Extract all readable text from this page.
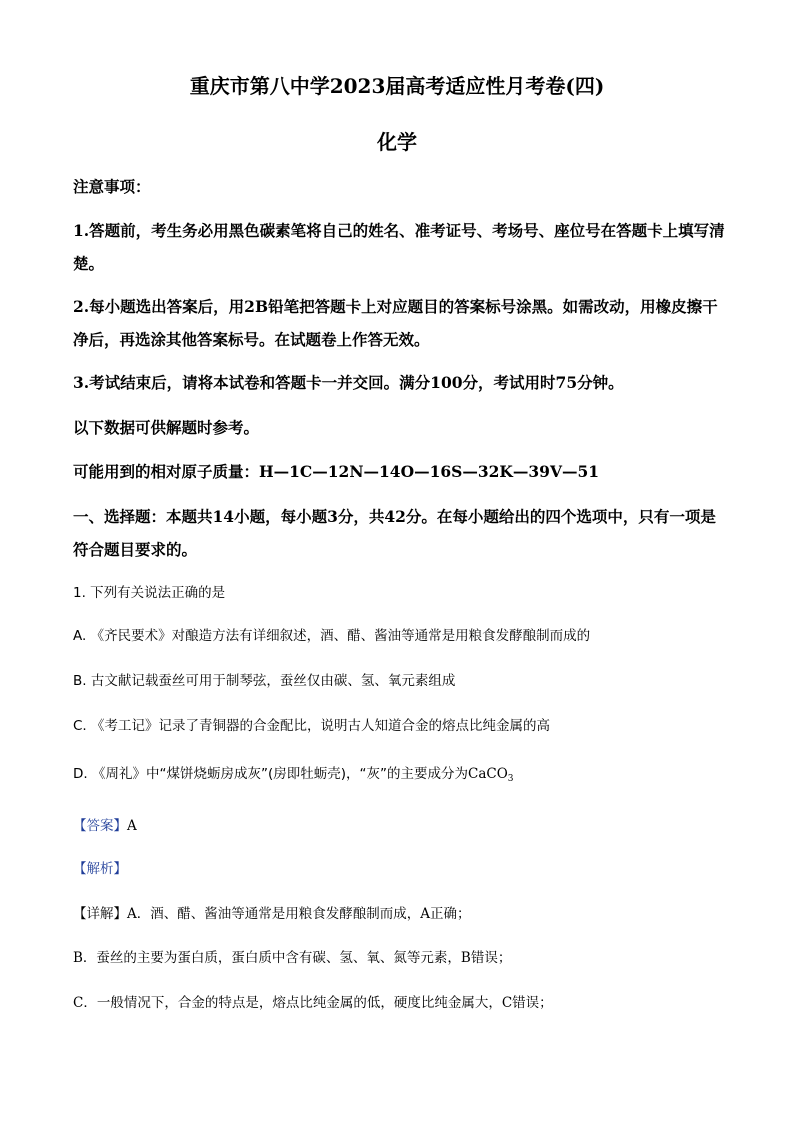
重庆市第八中学2023届高考适应性月考卷(四)
化学
注意事项：
1.答题前，考生务必用黑色碳素笔将自己的姓名、准考证号、考场号、座位号在答题卡上填写清楚。
2.每小题选出答案后，用2B铅笔把答题卡上对应题目的答案标号涂黑。如需改动，用橡皮擦干净后，再选涂其他答案标号。在试题卷上作答无效。
3.考试结束后，请将本试卷和答题卡一并交回。满分100分，考试用时75分钟。
以下数据可供解题时参考。
可能用到的相对原子质量：H—1C—12N—14O—16S—32K—39V—51
一、选择题：本题共14小题，每小题3分，共42分。在每小题给出的四个选项中，只有一项是符合题目要求的。
1. 下列有关说法正确的是
A. 《齐民要术》对酿造方法有详细叙述，酒、醋、酱油等通常是用粮食发酵酿制而成的
B. 古文献记载蚕丝可用于制琴弦，蚕丝仅由碳、氢、氧元素组成
C. 《考工记》记录了青铜器的合金配比，说明古人知道合金的熔点比纯金属的高
D. 《周礼》中“煤饼烧蛎房成灰”(房即牡蛎壳)，“灰”的主要成分为CaCO$_3$
【答案】A
【解析】
【详解】A．酒、醋、酱油等通常是用粮食发酵酿制而成，A正确；
B．蚕丝的主要为蛋白质，蛋白质中含有碳、氢、氧、氮等元素，B错误；
C．一般情况下，合金的特点是，熔点比纯金属的低，硬度比纯金属大，C错误；
